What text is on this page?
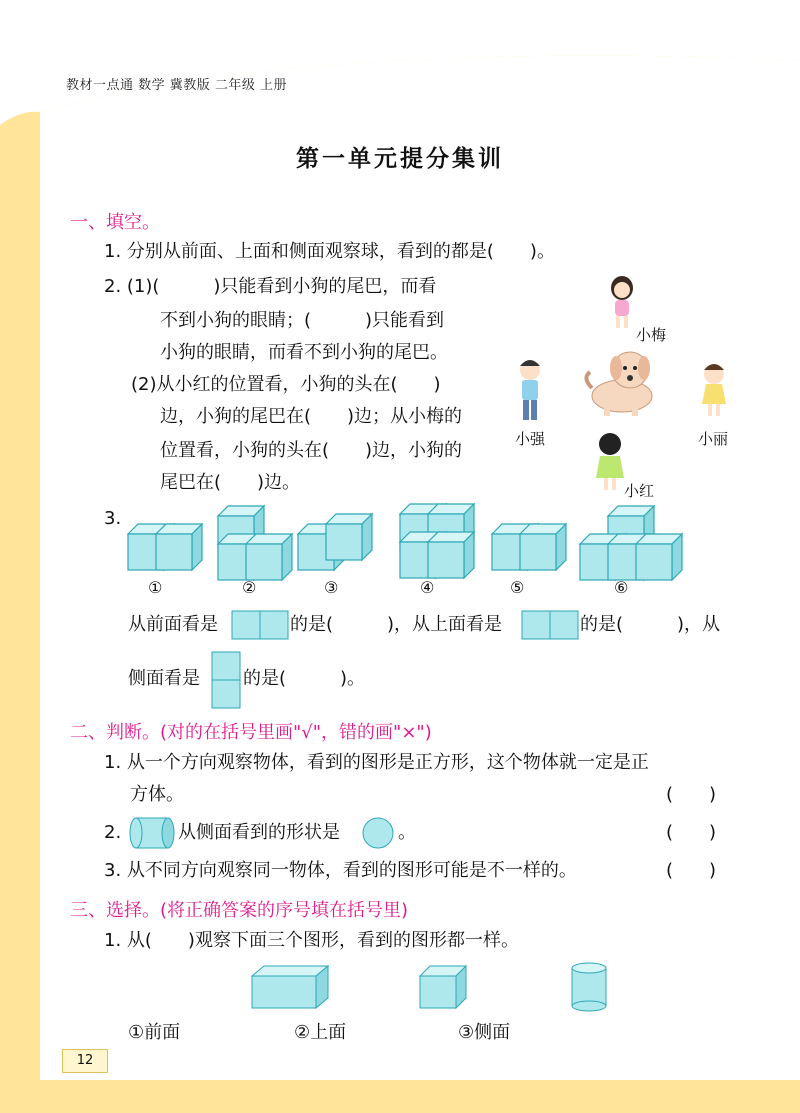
教材一点通 数学 冀教版 二年级 上册
第一单元提分集训
一、填空。
1. 分别从前面、上面和侧面观察球，看到的都是(　　)。
2. (1)(　　　)只能看到小狗的尾巴，而看
不到小狗的眼睛；(　　　)只能看到
小狗的眼睛，而看不到小狗的尾巴。
(2)从小红的位置看，小狗的头在(　　)
边，小狗的尾巴在(　　)边；从小梅的
位置看，小狗的头在(　　)边，小狗的
尾巴在(　　)边。
小梅
小强	小丽
小红
3.
①	②	③	④	⑤	⑥
从前面看是	的是(　　　)，从上面看是	的是(　　　)，从
侧面看是 的是(　　　)。
二、判断。(对的在括号里画"√"，错的画"×")
1. 从一个方向观察物体，看到的图形是正方形，这个物体就一定是正
方体。	(　　)
2.	从侧面看到的形状是	。	(　　)
3. 从不同方向观察同一物体，看到的图形可能是不一样的。	(　　)
三、选择。(将正确答案的序号填在括号里)
1. 从(　　)观察下面三个图形，看到的图形都一样。
①前面	②上面	③侧面
12
